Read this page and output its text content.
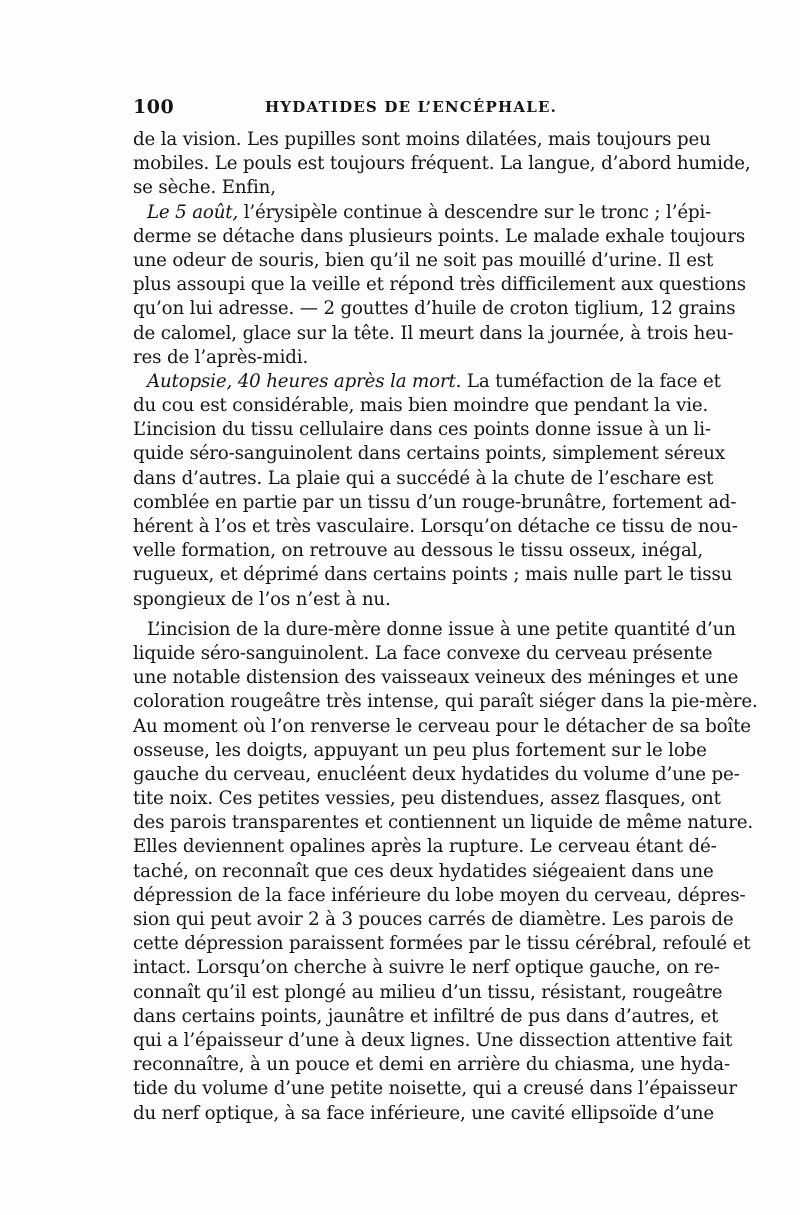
100	HYDATIDES DE L’ENCÉPHALE.
de la vision. Les pupilles sont moins dilatées, mais toujours peu
mobiles. Le pouls est toujours fréquent. La langue, d’abord humide,
se sèche. Enfin,
Le 5 août, l’érysipèle continue à descendre sur le tronc ; l’épi-
derme se détache dans plusieurs points. Le malade exhale toujours
une odeur de souris, bien qu’il ne soit pas mouillé d’urine. Il est
plus assoupi que la veille et répond très difficilement aux questions
qu’on lui adresse. — 2 gouttes d’huile de croton tiglium, 12 grains
de calomel, glace sur la tête. Il meurt dans la journée, à trois heu-
res de l’après-midi.
Autopsie, 40 heures après la mort. La tuméfaction de la face et
du cou est considérable, mais bien moindre que pendant la vie.
L’incision du tissu cellulaire dans ces points donne issue à un li-
quide séro-sanguinolent dans certains points, simplement séreux
dans d’autres. La plaie qui a succédé à la chute de l’eschare est
comblée en partie par un tissu d’un rouge-brunâtre, fortement ad-
hérent à l’os et très vasculaire. Lorsqu’on détache ce tissu de nou-
velle formation, on retrouve au dessous le tissu osseux, inégal,
rugueux, et déprimé dans certains points ; mais nulle part le tissu
spongieux de l’os n’est à nu.
L’incision de la dure-mère donne issue à une petite quantité d’un
liquide séro-sanguinolent. La face convexe du cerveau présente
une notable distension des vaisseaux veineux des méninges et une
coloration rougeâtre très intense, qui paraît siéger dans la pie-mère.
Au moment où l’on renverse le cerveau pour le détacher de sa boîte
osseuse, les doigts, appuyant un peu plus fortement sur le lobe
gauche du cerveau, enucléent deux hydatides du volume d’une pe-
tite noix. Ces petites vessies, peu distendues, assez flasques, ont
des parois transparentes et contiennent un liquide de même nature.
Elles deviennent opalines après la rupture. Le cerveau étant dé-
taché, on reconnaît que ces deux hydatides siégeaient dans une
dépression de la face inférieure du lobe moyen du cerveau, dépres-
sion qui peut avoir 2 à 3 pouces carrés de diamètre. Les parois de
cette dépression paraissent formées par le tissu cérébral, refoulé et
intact. Lorsqu’on cherche à suivre le nerf optique gauche, on re-
connaît qu’il est plongé au milieu d’un tissu, résistant, rougeâtre
dans certains points, jaunâtre et infiltré de pus dans d’autres, et
qui a l’épaisseur d’une à deux lignes. Une dissection attentive fait
reconnaître, à un pouce et demi en arrière du chiasma, une hyda-
tide du volume d’une petite noisette, qui a creusé dans l’épaisseur
du nerf optique, à sa face inférieure, une cavité ellipsoïde d’une
